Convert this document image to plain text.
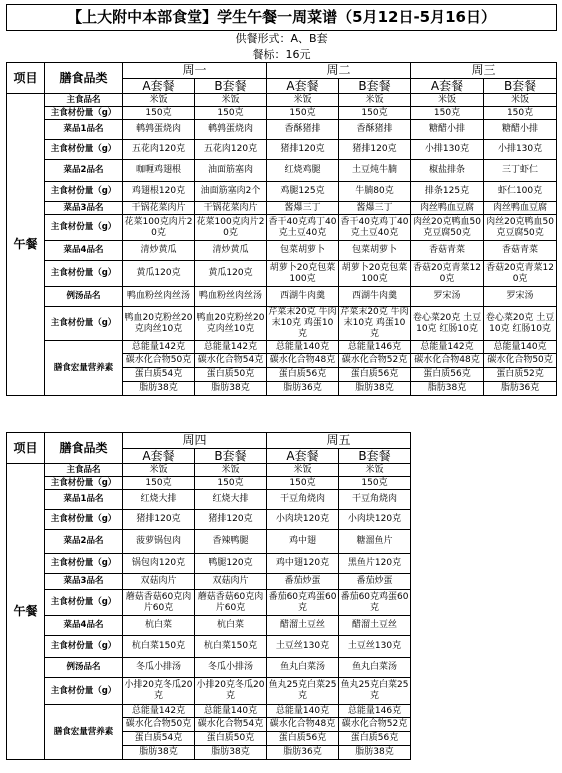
【上大附中本部食堂】学生午餐一周菜谱（5月12日-5月16日）							
供餐形式：A、B套							
餐标：16元							
项目	膳食品类	周一		周二		周三	
		A套餐	B套餐	A套餐	B套餐	A套餐	B套餐
午餐	主食品名	米饭	米饭	米饭	米饭	米饭	米饭
	主食材份量（g）	150克	150克	150克	150克	150克	150克
	菜品1品名	鹌鹑蛋烧肉	鹌鹑蛋烧肉	香酥猪排	香酥猪排	糖醋小排	糖醋小排
	主食材份量（g）	五花肉120克	五花肉120克	猪排120克	猪排120克	小排130克	小排130克
	菜品2品名	咖喱鸡翅根	油面筋塞肉	红烧鸡腿	土豆炖牛腩	椒盐排条	三丁虾仁
	主食材份量（g）	鸡翅根120克	油面筋塞肉2个	鸡腿125克	牛腩80克	排条125克	虾仁100克
	菜品3品名	干锅花菜肉片	干锅花菜肉片	酱爆三丁	酱爆三丁	肉丝鸭血豆腐	肉丝鸭血豆腐
	主食材份量（g）	花菜100克肉片20克	花菜100克肉片20克	香干40克鸡丁40克土豆40克	香干40克鸡丁40克土豆40克	肉丝20克鸭血50克豆腐50克	肉丝20克鸭血50克豆腐50克
	菜品4品名	清炒黄瓜	清炒黄瓜	包菜胡萝卜	包菜胡萝卜	香菇青菜	香菇青菜
	主食材份量（g）	黄瓜120克	黄瓜120克	胡萝卜20克包菜100克	胡萝卜20克包菜100克	香菇20克青菜120克	香菇20克青菜120克
	例汤品名	鸭血粉丝肉丝汤	鸭血粉丝肉丝汤	西湖牛肉羹	西湖牛肉羹	罗宋汤	罗宋汤
	主食材份量（g）	鸭血20克粉丝20克肉丝10克	鸭血20克粉丝20克肉丝10克	芹菜末20克 牛肉末10克 鸡蛋10克	芹菜末20克 牛肉末10克 鸡蛋10克	卷心菜20克 土豆10克 红肠10克	卷心菜20克 土豆10克 红肠10克
	膳食宏量营养素	总能量142克	总能量142克	总能量140克	总能量146克	总能量142克	总能量140克
		碳水化合物50克	碳水化合物54克	碳水化合物48克	碳水化合物52克	碳水化合物48克	碳水化合物50克
		蛋白质54克	蛋白质50克	蛋白质56克	蛋白质56克	蛋白质56克	蛋白质52克
		脂肪38克	脂肪38克	脂肪36克	脂肪38克	脂肪38克	脂肪36克
项目	膳食品类	周四		周五		
		A套餐	B套餐	A套餐	B套餐	
午餐	主食品名	米饭	米饭	米饭	米饭	
	主食材份量（g）	150克	150克	150克	150克	
	菜品1品名	红烧大排	红烧大排	干豆角烧肉	干豆角烧肉	
	主食材份量（g）	猪排120克	猪排120克	小肉块120克	小肉块120克	
	菜品2品名	菠萝锅包肉	香辣鸭腿	鸡中翅	糖溜鱼片	
	主食材份量（g）	锅包肉120克	鸭腿120克	鸡中翅120克	黑鱼片120克	
	菜品3品名	双菇肉片	双菇肉片	番茄炒蛋	番茄炒蛋	
	主食材份量（g）	蘑菇香菇60克肉片60克	蘑菇香菇60克肉片60克	番茄60克鸡蛋60克	番茄60克鸡蛋60克	
	菜品4品名	杭白菜	杭白菜	醋溜土豆丝	醋溜土豆丝	
	主食材份量（g）	杭白菜150克	杭白菜150克	土豆丝130克	土豆丝130克	
	例汤品名	冬瓜小排汤	冬瓜小排汤	鱼丸白菜汤	鱼丸白菜汤	
	主食材份量（g）	小排20克冬瓜20克	小排20克冬瓜20克	鱼丸25克白菜25克	鱼丸25克白菜25克	
	膳食宏量营养素	总能量142克	总能量140克	总能量140克	总能量146克	
		碳水化合物50克	碳水化合物54克	碳水化合物48克	碳水化合物52克	
		蛋白质54克	蛋白质50克	蛋白质56克	蛋白质56克	
		脂肪38克	脂肪38克	脂肪36克	脂肪38克	
